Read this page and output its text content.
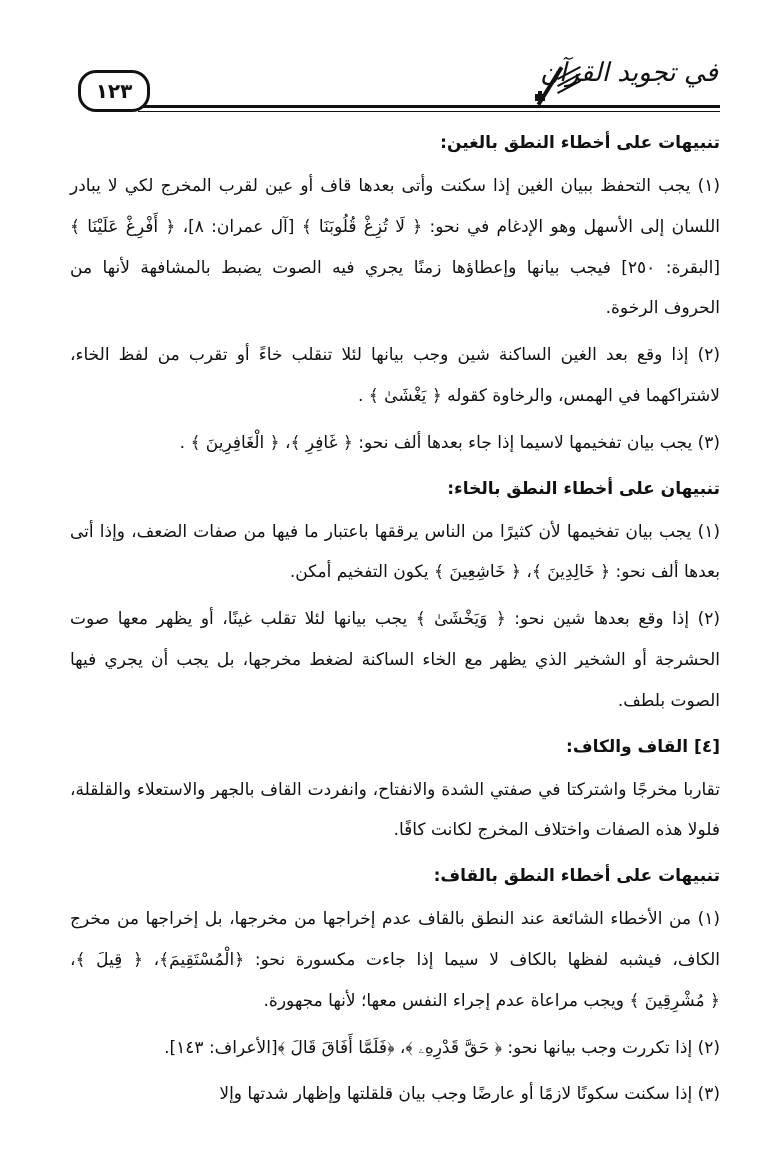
١٢٣
في تجويد القرآن
تنبيهات على أخطاء النطق بالغين:

(١) يجب التحفظ ببيان الغين إذا سكنت وأتى بعدها قاف أو عين لقرب المخرج لكي لا يبادر اللسان إلى الأسهل وهو الإدغام في نحو: ﴿ لَا تُزِغْ قُلُوبَنَا ﴾ [آل عمران: ٨]، ﴿ أَفْرِغْ عَلَيْنَا ﴾ [البقرة: ٢٥٠] فيجب بيانها وإعطاؤها زمنًا يجري فيه الصوت يضبط بالمشافهة لأنها من الحروف الرخوة.

(٢) إذا وقع بعد الغين الساكنة شين وجب بيانها لئلا تنقلب خاءً أو تقرب من لفظ الخاء، لاشتراكهما في الهمس، والرخاوة كقوله ﴿ يَغْشَىٰ ﴾ .

(٣) يجب بيان تفخيمها لاسيما إذا جاء بعدها ألف نحو: ﴿ غَافِرِ ﴾، ﴿ الْغَافِرِينَ ﴾ .

تنبيهان على أخطاء النطق بالخاء:

(١) يجب بيان تفخيمها لأن كثيرًا من الناس يرققها باعتبار ما فيها من صفات الضعف، وإذا أتى بعدها ألف نحو: ﴿ خَالِدِينَ ﴾، ﴿ خَاشِعِينَ ﴾ يكون التفخيم أمكن.

(٢) إذا وقع بعدها شين نحو: ﴿ وَيَخْشَىٰ ﴾ يجب بيانها لئلا تقلب غينًا، أو يظهر معها صوت الحشرجة أو الشخير الذي يظهر مع الخاء الساكنة لضغط مخرجها، بل يجب أن يجري فيها الصوت بلطف.

[٤] القاف والكاف:

تقاربا مخرجًا واشتركتا في صفتي الشدة والانفتاح، وانفردت القاف بالجهر والاستعلاء والقلقلة، فلولا هذه الصفات واختلاف المخرج لكانت كافًا.

تنبيهات على أخطاء النطق بالقاف:

(١) من الأخطاء الشائعة عند النطق بالقاف عدم إخراجها من مخرجها، بل إخراجها من مخرج الكاف، فيشبه لفظها بالكاف لا سيما إذا جاءت مكسورة نحو: ﴿الْمُسْتَقِيمَ﴾، ﴿ قِيلَ ﴾، ﴿ مُشْرِقِينَ ﴾ ويجب مراعاة عدم إجراء النفس معها؛ لأنها مجهورة.

(٢) إذا تكررت وجب بيانها نحو: ﴿ حَقَّ قَدْرِهِۦ ﴾، ﴿فَلَمَّا أَفَاقَ قَالَ ﴾[الأعراف: ١٤٣].

(٣) إذا سكنت سكونًا لازمًا أو عارضًا وجب بيان قلقلتها وإظهار شدتها وإلا
